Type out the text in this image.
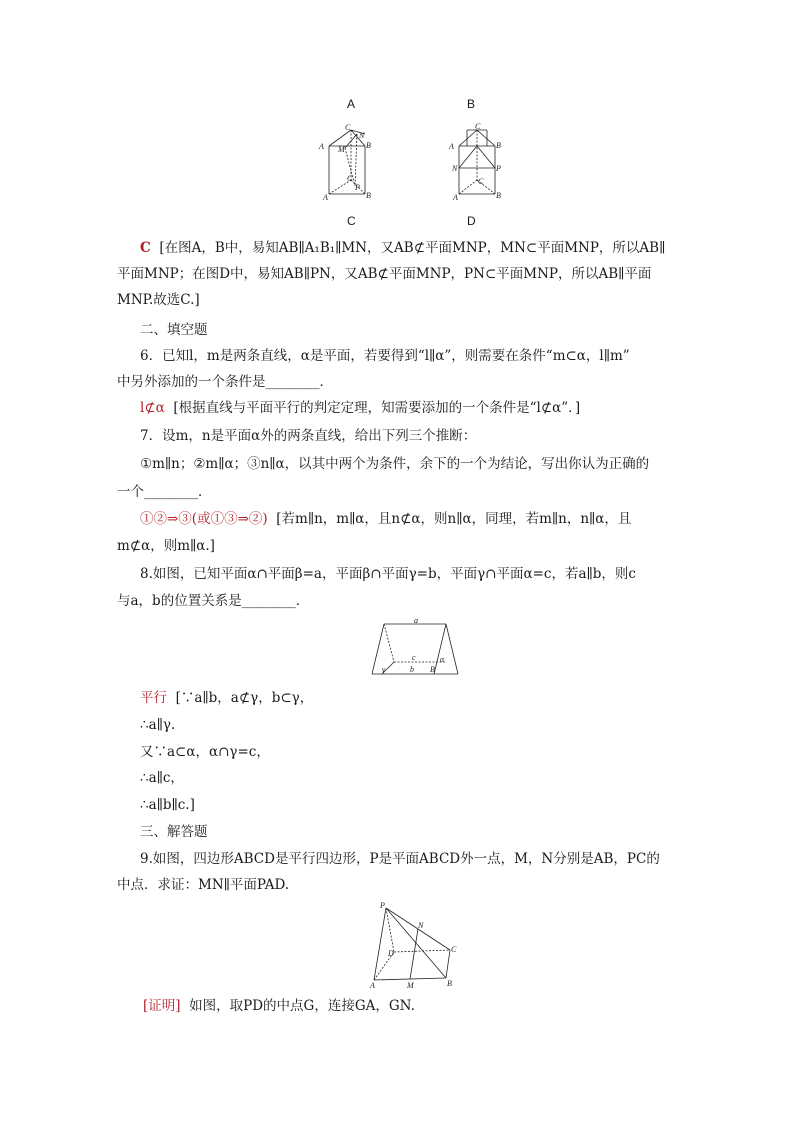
A	B
A
C
N
B
M
C
P
A	B
A
C
B
N	P
C
A	B
C	D
C [在图A，B中，易知AB∥A₁B₁∥MN，又AB⊄平面MNP，MN⊂平面MNP，所以AB∥
平面MNP；在图D中，易知AB∥PN，又AB⊄平面MNP，PN⊂平面MNP，所以AB∥平面
MNP.故选C.]
二、填空题
6．已知l，m是两条直线，α是平面，若要得到“l∥α”，则需要在条件“m⊂α，l∥m”
中另外添加的一个条件是________．
l⊄α [根据直线与平面平行的判定定理，知需要添加的一个条件是“l⊄α”．]
7．设m，n是平面α外的两条直线，给出下列三个推断：
①m∥n；②m∥α；③n∥α，以其中两个为条件，余下的一个为结论，写出你认为正确的
一个________．
①②⇒③(或①③⇒②) [若m∥n，m∥α，且n⊄α，则n∥α，同理，若m∥n，n∥α，且
m⊄α，则m∥α.]
8.如图，已知平面α∩平面β=a，平面β∩平面γ=b，平面γ∩平面α=c，若a∥b，则c
与a，b的位置关系是________．
a
c
b
γ
α
B
平行 [∵a∥b，a⊄γ，b⊂γ，
∴a∥γ.
又∵a⊂α，α∩γ=c，
∴a∥c，
∴a∥b∥c.]
三、解答题
9.如图，四边形ABCD是平行四边形，P是平面ABCD外一点，M，N分别是AB，PC的
中点．求证：MN∥平面PAD.
P
N
C
D
A	M	B
[证明] 如图，取PD的中点G，连接GA，GN.
